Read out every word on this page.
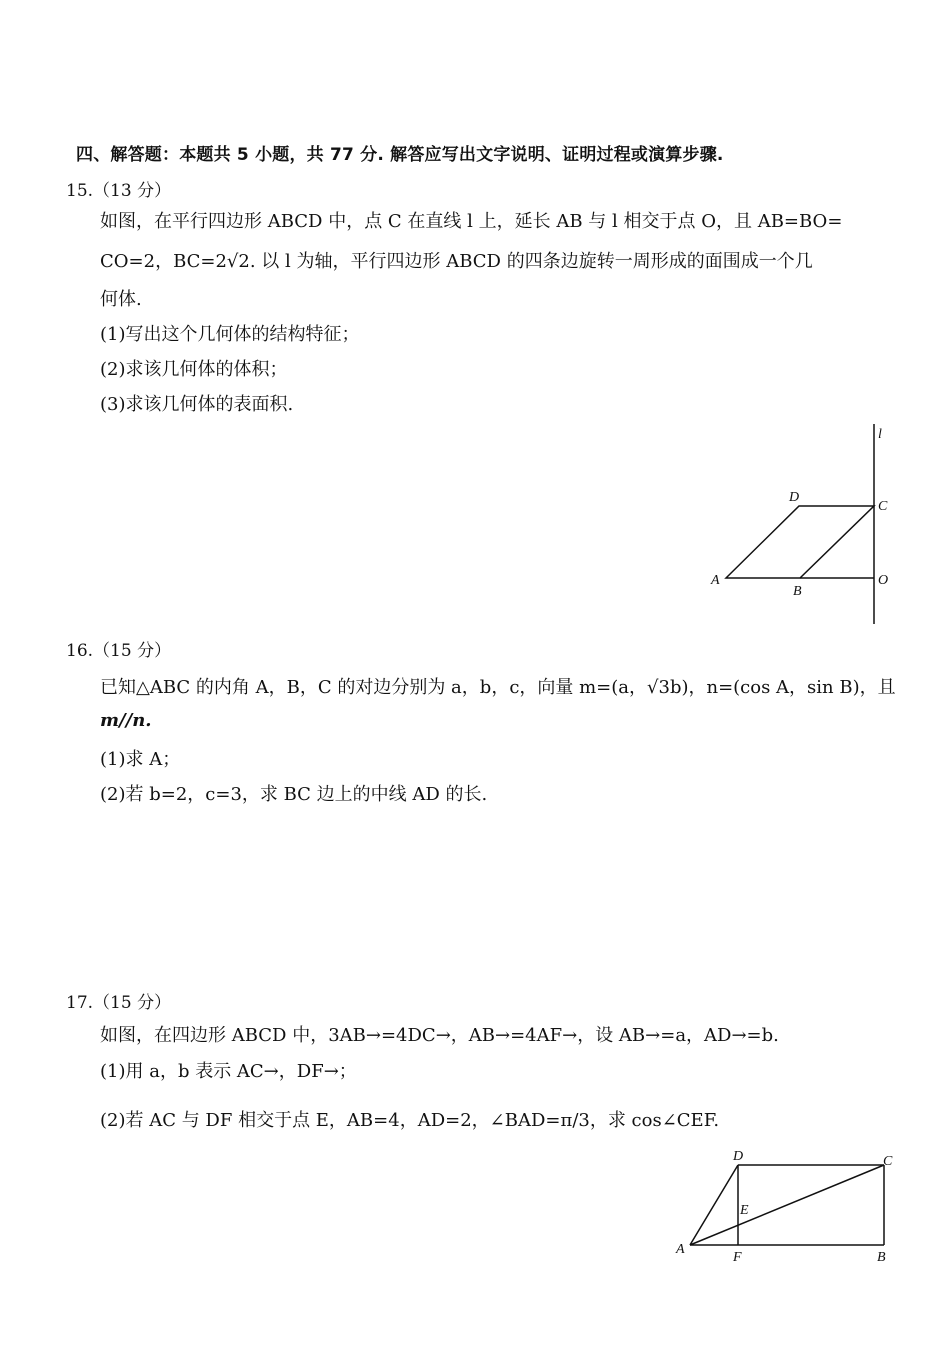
四、解答题：本题共 5 小题，共 77 分. 解答应写出文字说明、证明过程或演算步骤.
15.（13 分）
如图，在平行四边形 ABCD 中，点 C 在直线 l 上，延长 AB 与 l 相交于点 O，且 AB=BO=
CO=2，BC=2√2. 以 l 为轴，平行四边形 ABCD 的四条边旋转一周形成的面围成一个几
何体.
(1)写出这个几何体的结构特征；
(2)求该几何体的体积；
(3)求该几何体的表面积.
l
D
C
A
B
O
16.（15 分）
已知△ABC 的内角 A，B，C 的对边分别为 a，b，c，向量 m=(a，√3b)，n=(cos A，sin B)，且
m//n.
(1)求 A；
(2)若 b=2，c=3，求 BC 边上的中线 AD 的长.
17.（15 分）
如图，在四边形 ABCD 中，3AB→=4DC→，AB→=4AF→，设 AB→=a，AD→=b.
(1)用 a，b 表示 AC→，DF→；
(2)若 AC 与 DF 相交于点 E，AB=4，AD=2，∠BAD=π/3，求 cos∠CEF.
D	C
E
A
F	B
